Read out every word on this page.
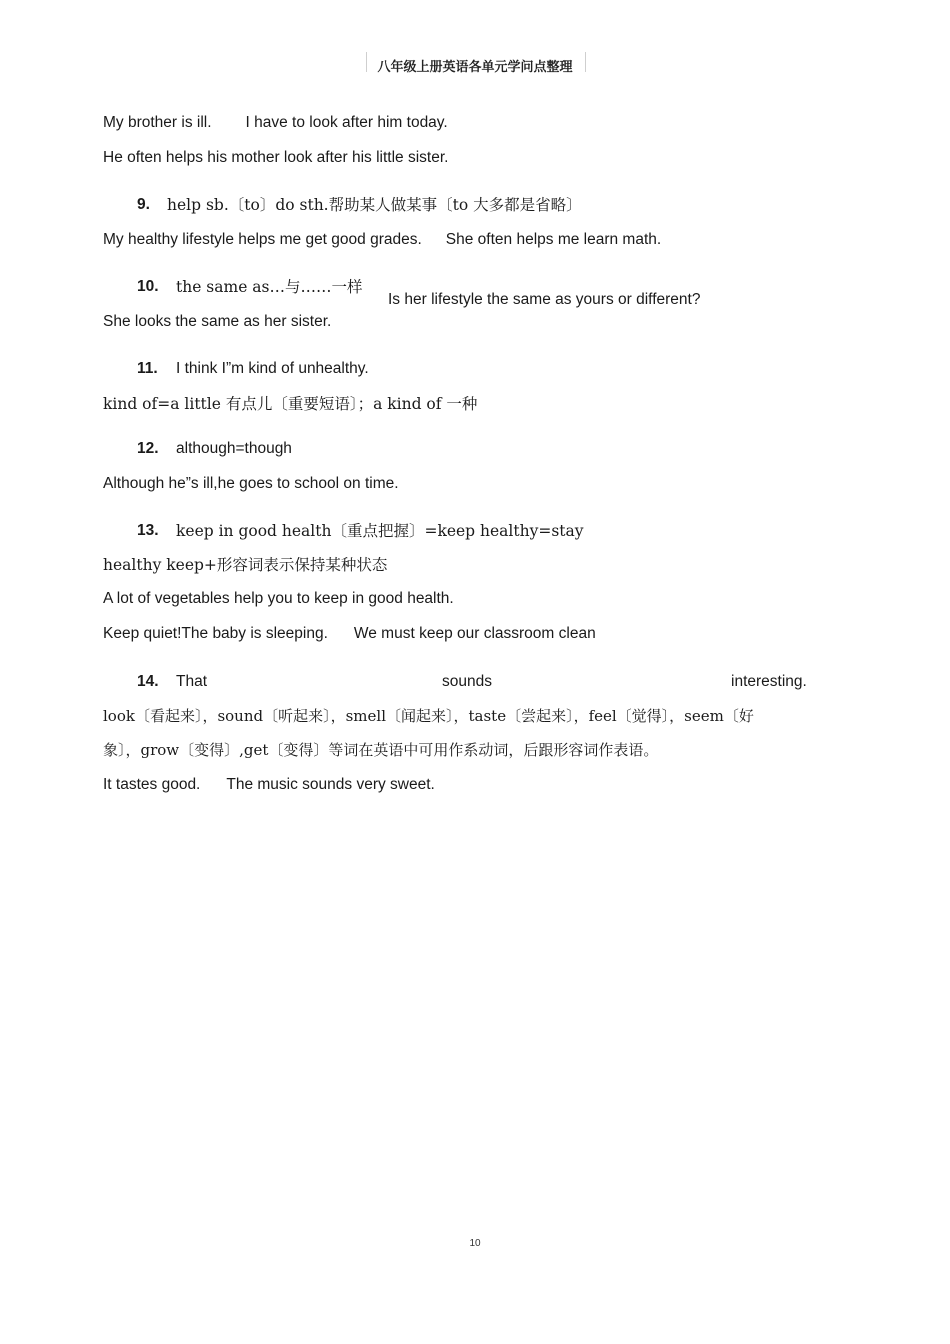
八年级上册英语各单元学问点整理
My brother is ill. I have to look after him today.
He often helps his mother look after his little sister.
9. help sb.〔to〕do sth.帮助某人做某事〔to 大多都是省略〕
My healthy lifestyle helps me get good grades. She often helps me learn math.
10. the same as…与……一样
Is her lifestyle the same as yours or different?
She looks the same as her sister.
11. I think I”m kind of unhealthy.
kind of=a little 有点儿〔重要短语〕；a kind of 一种
12. although=though
Although he”s ill,he goes to school on time.
13. keep in good health〔重点把握〕=keep healthy=stay
healthy keep+形容词表示保持某种状态
A lot of vegetables help you to keep in good health.
Keep quiet!The baby is sleeping. We must keep our classroom clean
14. That	sounds	interesting.
look〔看起来〕，sound〔听起来〕，smell〔闻起来〕，taste〔尝起来〕，feel〔觉得〕，seem〔好
象〕，grow〔变得〕,get〔变得〕等词在英语中可用作系动词，后跟形容词作表语。
It tastes good. The music sounds very sweet.
10
